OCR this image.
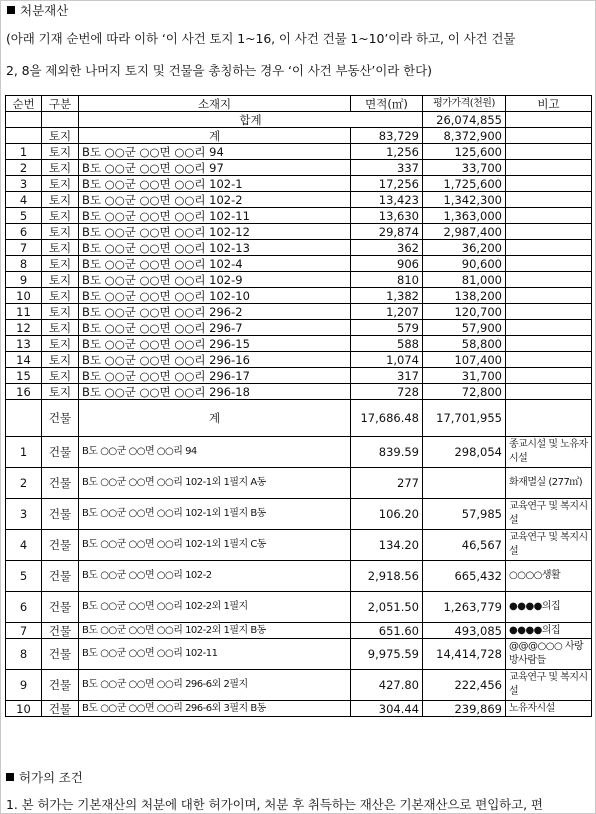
처분재산
(아래 기재 순번에 따라 이하 ‘이 사건 토지 1~16, 이 사건 건물 1~10’이라 하고, 이 사건 건물
2, 8을 제외한 나머지 토지 및 건물을 총칭하는 경우 ‘이 사건 부동산’이라 한다)
순번	구분	소재지	면적(㎡)	평가가격(천원)	비고
		합계		26,074,855	
	토지	계	83,729	8,372,900	
1	토지	B도 ○○군 ○○면 ○○리 94	1,256	125,600	
2	토지	B도 ○○군 ○○면 ○○리 97	337	33,700	
3	토지	B도 ○○군 ○○면 ○○리 102-1	17,256	1,725,600	
4	토지	B도 ○○군 ○○면 ○○리 102-2	13,423	1,342,300	
5	토지	B도 ○○군 ○○면 ○○리 102-11	13,630	1,363,000	
6	토지	B도 ○○군 ○○면 ○○리 102-12	29,874	2,987,400	
7	토지	B도 ○○군 ○○면 ○○리 102-13	362	36,200	
8	토지	B도 ○○군 ○○면 ○○리 102-4	906	90,600	
9	토지	B도 ○○군 ○○면 ○○리 102-9	810	81,000	
10	토지	B도 ○○군 ○○면 ○○리 102-10	1,382	138,200	
11	토지	B도 ○○군 ○○면 ○○리 296-2	1,207	120,700	
12	토지	B도 ○○군 ○○면 ○○리 296-7	579	57,900	
13	토지	B도 ○○군 ○○면 ○○리 296-15	588	58,800	
14	토지	B도 ○○군 ○○면 ○○리 296-16	1,074	107,400	
15	토지	B도 ○○군 ○○면 ○○리 296-17	317	31,700	
16	토지	B도 ○○군 ○○면 ○○리 296-18	728	72,800	
	건물	계	17,686.48	17,701,955	
1	건물	B도 ○○군 ○○면 ○○리 94	839.59	298,054	종교시설 및 노유자시설
2	건물	B도 ○○군 ○○면 ○○리 102-1외 1필지 A동	277		화재멸실 (277㎡)
3	건물	B도 ○○군 ○○면 ○○리 102-1외 1필지 B동	106.20	57,985	교육연구 및 복지시설
4	건물	B도 ○○군 ○○면 ○○리 102-1외 1필지 C동	134.20	46,567	교육연구 및 복지시설
5	건물	B도 ○○군 ○○면 ○○리 102-2	2,918.56	665,432	○○○○생활
6	건물	B도 ○○군 ○○면 ○○리 102-2외 1필지	2,051.50	1,263,779	●●●●의집
7	건물	B도 ○○군 ○○면 ○○리 102-2외 1필지 B동	651.60	493,085	●●●●의집
8	건물	B도 ○○군 ○○면 ○○리 102-11	9,975.59	14,414,728	@@@○○○ 사랑방사람들
9	건물	B도 ○○군 ○○면 ○○리 296-6외 2필지	427.80	222,456	교육연구 및 복지시설
10	건물	B도 ○○군 ○○면 ○○리 296-6외 3필지 B동	304.44	239,869	노유자시설
허가의 조건
1. 본 허가는 기본재산의 처분에 대한 허가이며, 처분 후 취득하는 재산은 기본재산으로 편입하고, 편
